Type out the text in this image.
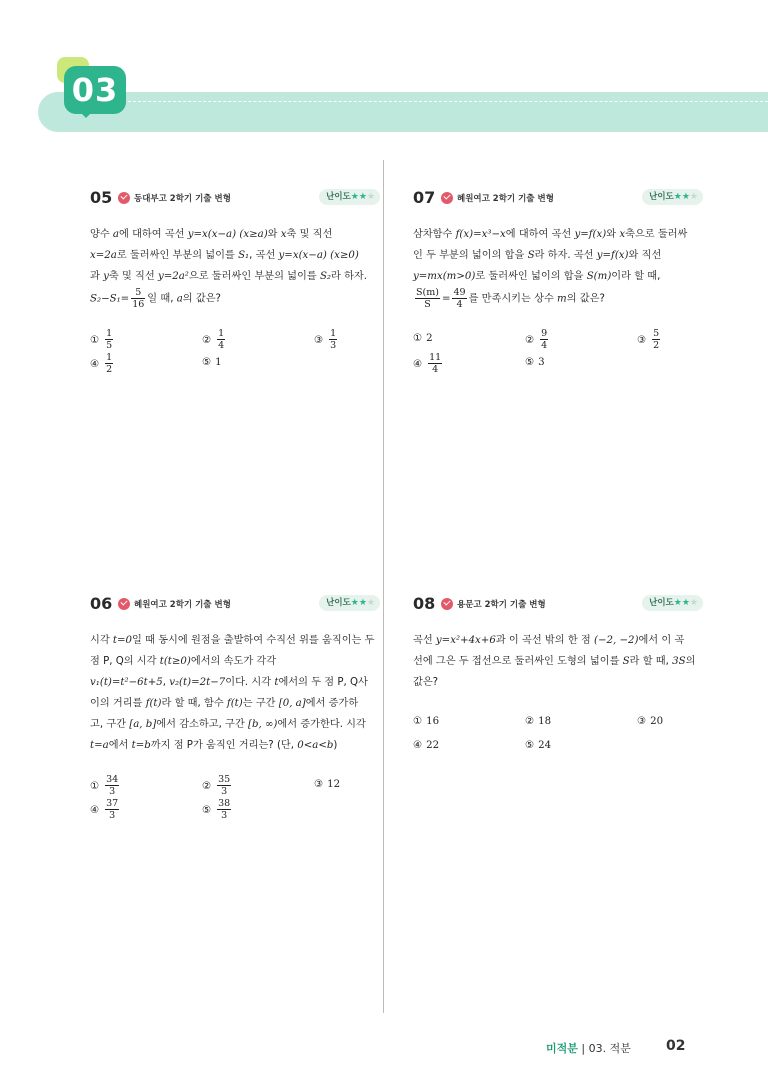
03
05	동대부고 2학기 기출 변형	난이도★★★
양수 a에 대하여 곡선 y=x(x−a) (x≥a)와 x축 및 직선
x=2a로 둘러싸인 부분의 넓이를 S₁, 곡선 y=x(x−a) (x≥0)
과 y축 및 직선 y=2a²으로 둘러싸인 부분의 넓이를 S₂라 하자.
$S_2-S_1= \frac{5}{16}$ 일 때, a의 값은?
① $\frac{1}{5}$	② $\frac{1}{4}$	③ $\frac{1}{3}$
④ $\frac{1}{2}$	⑤ 1
07	혜원여고 2학기 기출 변형	난이도★★★
삼차함수 f(x)=x³−x에 대하여 곡선 y=f(x)와 x축으로 둘러싸
인 두 부분의 넓이의 합을 S라 하자. 곡선 y=f(x)와 직선
y=mx(m>0)로 둘러싸인 넓이의 합을 S(m)이라 할 때,
$\frac{S(m)}{S} = \frac{49}{4}$ 를 만족시키는 상수 m의 값은?
① 2	② $\frac{9}{4}$	③ $\frac{5}{2}$
④ $\frac{11}{4}$	⑤ 3
06	혜원여고 2학기 기출 변형	난이도★★★
시각 t=0일 때 동시에 원점을 출발하여 수직선 위를 움직이는 두
점 P, Q의 시각 t(t≥0)에서의 속도가 각각
v₁(t)=t²−6t+5, v₂(t)=2t−7이다. 시각 t에서의 두 점 P, Q사
이의 거리를 f(t)라 할 때, 함수 f(t)는 구간 [0, a]에서 증가하
고, 구간 [a, b]에서 감소하고, 구간 [b, ∞)에서 증가한다. 시각
t=a에서 t=b까지 점 P가 움직인 거리는? (단, 0<a<b)
① $\frac{34}{3}$	② $\frac{35}{3}$	③ 12
④ $\frac{37}{3}$	⑤ $\frac{38}{3}$
08	용문고 2학기 기출 변형	난이도★★★
곡선 y=x²+4x+6과 이 곡선 밖의 한 점 (−2, −2)에서 이 곡
선에 그은 두 접선으로 둘러싸인 도형의 넓이를 S라 할 때, 3S의
값은?
① 16	② 18	③ 20
④ 22	⑤ 24
미적분 | 03. 적분	02
